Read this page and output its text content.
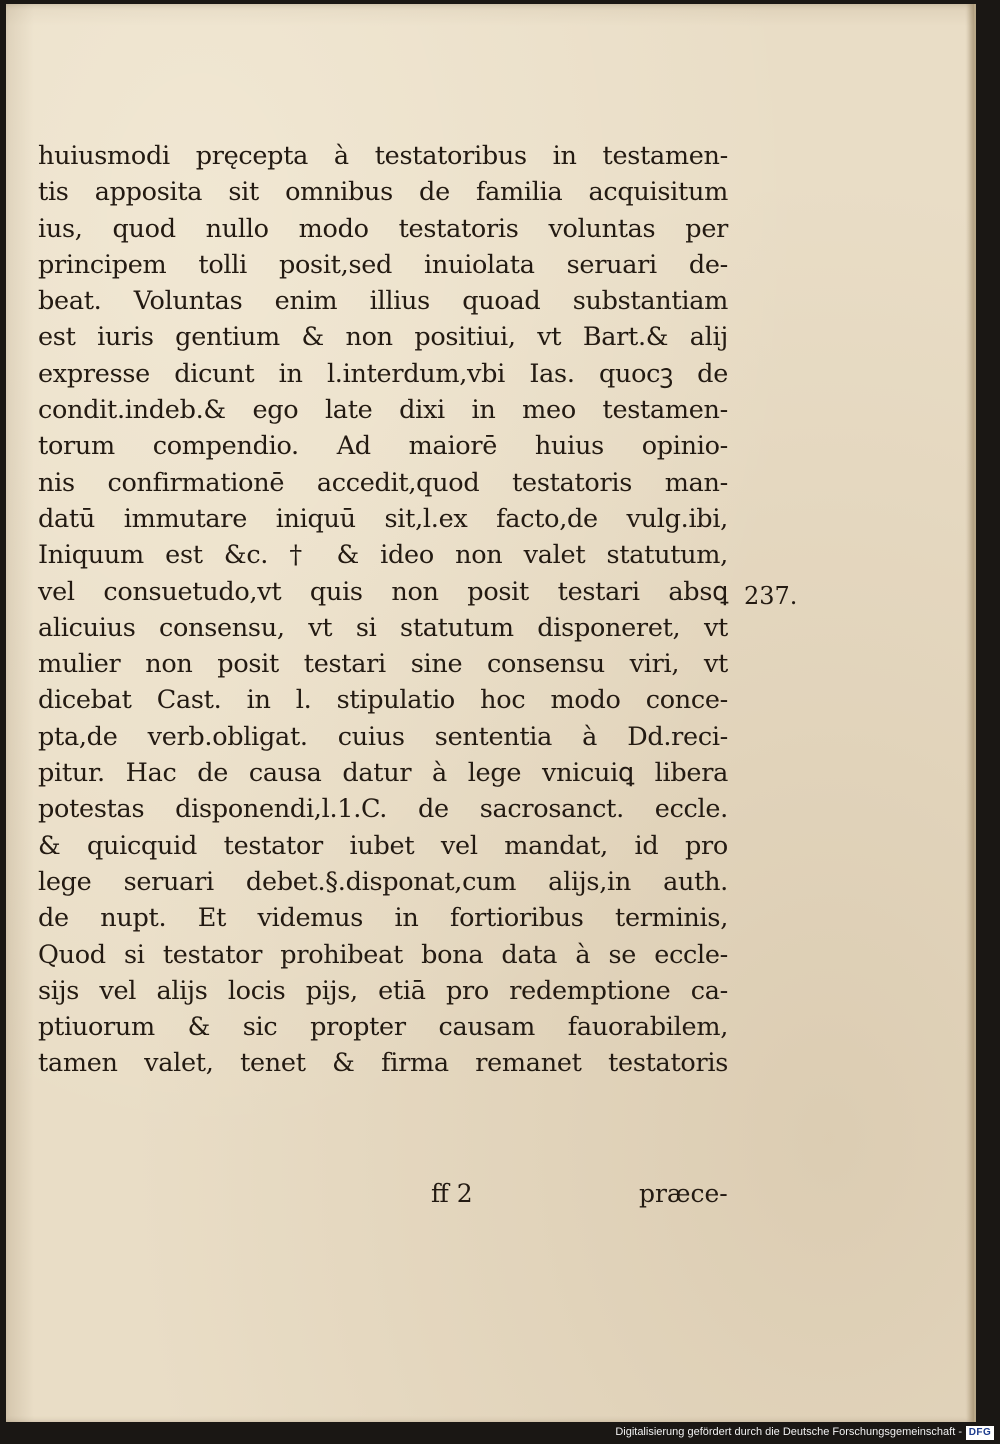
huiusmodi pręcepta à testatoribus in testamen-
tis apposita sit omnibus de familia acquisitum
ius, quod nullo modo testatoris voluntas per
principem tolli posit,sed inuiolata seruari de-
beat. Voluntas enim illius quoad substantiam
est iuris gentium & non positiui, vt Bart.& alij
expresse dicunt in l.interdum,vbi Ias. quocꝫ de
condit.indeb.& ego late dixi in meo testamen-
torum compendio. Ad maiorē huius opinio-
nis confirmationē accedit,quod testatoris man-
datū immutare iniquū sit,l.ex facto,de vulg.ibi,
Iniquum est &c. † & ideo non valet statutum,
vel consuetudo,vt quis non posit testari absꝗ
alicuius consensu, vt si statutum disponeret, vt
mulier non posit testari sine consensu viri, vt
dicebat Cast. in l. stipulatio hoc modo concе-
pta,de verb.obligat. cuius sententia à Dd.reci-
pitur. Hac de causa datur à lege vnicuiꝗ libera
potestas disponendi,l.1.C. de sacrosanct. eccle.
& quicquid testator iubet vel mandat, id pro
lege seruari debet.§.disponat,cum alijs,in auth.
de nupt. Et videmus in fortioribus terminis,
Quod si testator prohibeat bona data à se eccle-
sijs vel alijs locis pijs, etiā pro redemptione ca-
ptiuorum & sic propter causam fauorabilem,
tamen valet, tenet & firma remanet testatoris
237.
ff 2	præce-
Digitalisierung gefördert durch die Deutsche Forschungsgemeinschaft - DFG
